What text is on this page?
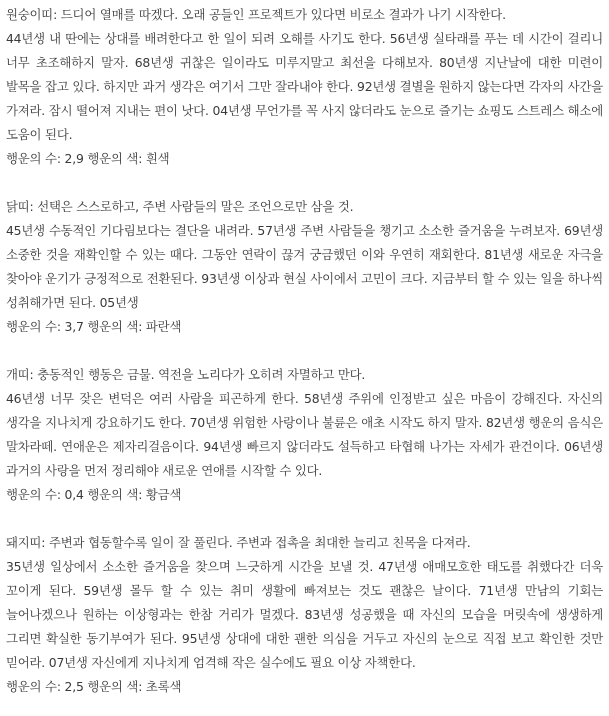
원숭이띠: 드디어 열매를 따겠다. 오래 공들인 프로젝트가 있다면 비로소 결과가 나기 시작한다.

44년생 내 딴에는 상대를 배려한다고 한 일이 되려 오해를 사기도 한다. 56년생 실타래를 푸는 데 시간이 걸리니 너무 초조해하지 말자. 68년생 귀찮은 일이라도 미루지말고 최선을 다해보자. 80년생 지난날에 대한 미련이 발목을 잡고 있다. 하지만 과거 생각은 여기서 그만 잘라내야 한다. 92년생 결별을 원하지 않는다면 각자의 사간을 가져라. 잠시 떨어져 지내는 편이 낫다. 04년생 무언가를 꼭 사지 않더라도 눈으로 즐기는 쇼핑도 스트레스 해소에 도움이 된다.

행운의 수: 2,9 행운의 색: 흰색
닭띠: 선택은 스스로하고, 주변 사람들의 말은 조언으로만 삼을 것.

45년생 수동적인 기다림보다는 결단을 내려라. 57년생 주변 사람들을 챙기고 소소한 즐거움을 누려보자. 69년생 소중한 것을 재확인할 수 있는 때다. 그동안 연락이 끊겨 궁금했던 이와 우연히 재회한다. 81년생 새로운 자극을 찾아야 운기가 긍정적으로 전환된다. 93년생 이상과 현실 사이에서 고민이 크다. 지금부터 할 수 있는 일을 하나씩 성취해가면 된다. 05년생

행운의 수: 3,7 행운의 색: 파란색
개띠: 충동적인 행동은 금물. 역전을 노리다가 오히려 자멸하고 만다.

46년생 너무 잦은 변덕은 여러 사람을 피곤하게 한다. 58년생 주위에 인정받고 싶은 마음이 강해진다. 자신의 생각을 지나치게 강요하기도 한다. 70년생 위험한 사랑이나 불륜은 애초 시작도 하지 말자. 82년생 행운의 음식은 말차라떼. 연애운은 제자리걸음이다. 94년생 빠르지 않더라도 설득하고 타협해 나가는 자세가 관건이다. 06년생 과거의 사랑을 먼저 정리해야 새로운 연애를 시작할 수 있다.

행운의 수: 0,4 행운의 색: 황금색
돼지띠: 주변과 협동할수록 일이 잘 풀린다. 주변과 접촉을 최대한 늘리고 친목을 다져라.

35년생 일상에서 소소한 즐거움을 찾으며 느긋하게 시간을 보낼 것. 47년생 애매모호한 태도를 취했다간 더욱 꼬이게 된다. 59년생 몰두 할 수 있는 취미 생활에 빠져보는 것도 괜찮은 날이다. 71년생 만남의 기회는 늘어나겠으나 원하는 이상형과는 한참 거리가 멀겠다. 83년생 성공했을 때 자신의 모습을 머릿속에 생생하게 그리면 확실한 동기부여가 된다. 95년생 상대에 대한 괜한 의심을 거두고 자신의 눈으로 직접 보고 확인한 것만 믿어라. 07년생 자신에게 지나치게 엄격해 작은 실수에도 필요 이상 자책한다.

행운의 수: 2,5 행운의 색: 초록색
